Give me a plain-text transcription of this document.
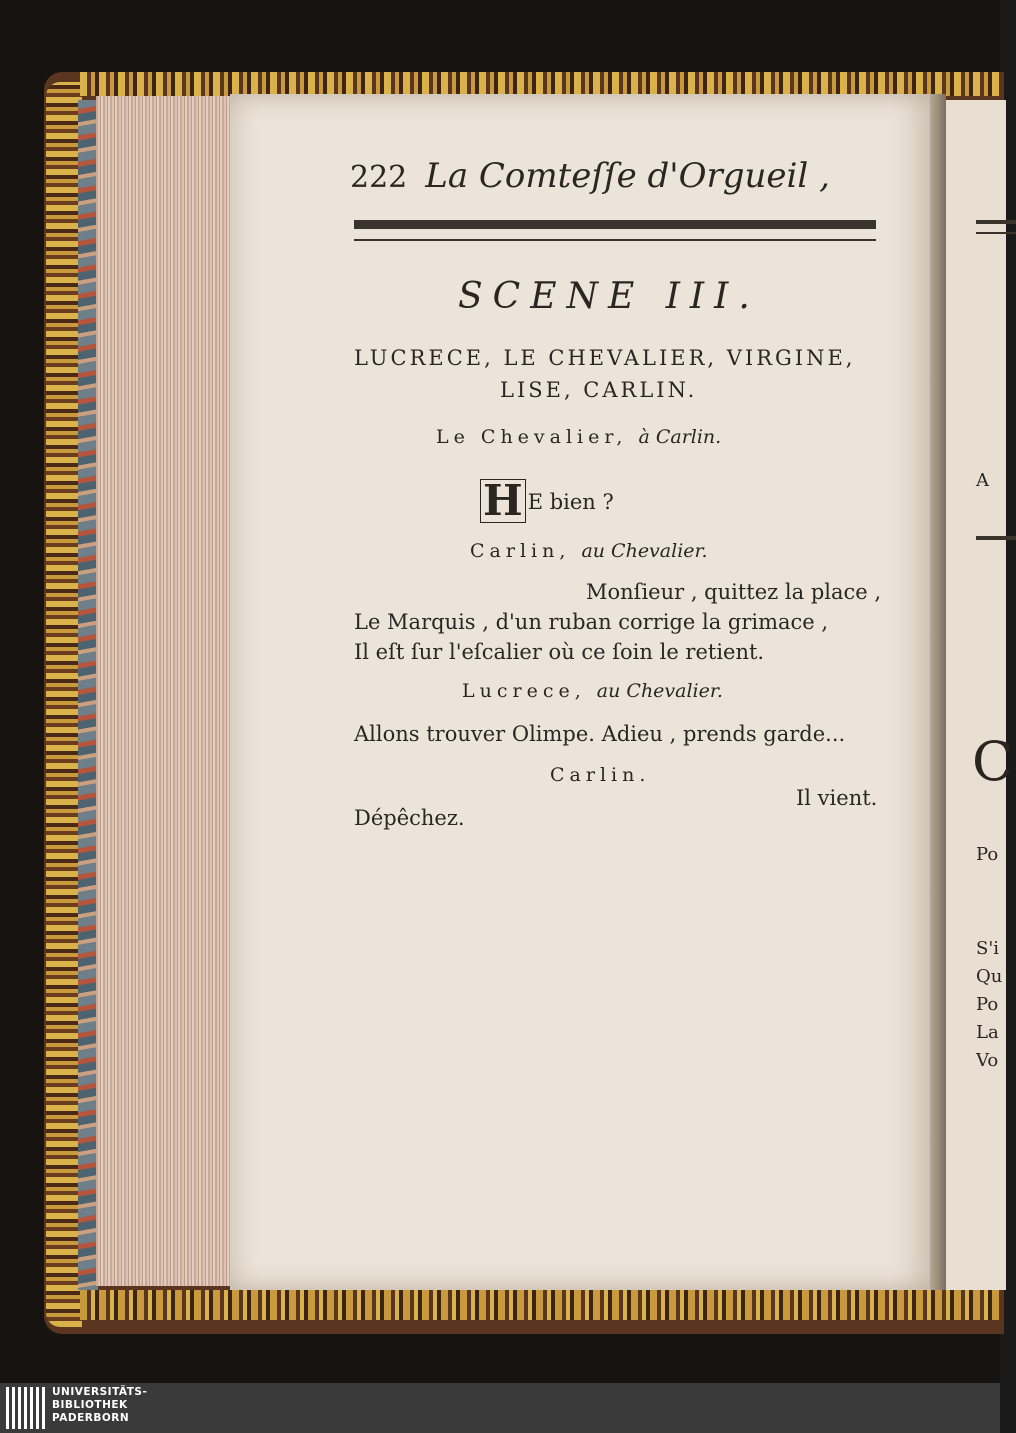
222 La Comteſſe d'Orgueil ,
SCENE III.
LUCRECE, LE CHEVALIER, VIRGINE,
LISE, CARLIN.
Le Chevalier, à Carlin.
H E bien ?
Carlin, au Chevalier.
Monſieur , quittez la place ,
Le Marquis , d'un ruban corrige la grimace ,
Il eſt ſur l'eſcalier où ce ſoin le retient.
Lucrece, au Chevalier.
Allons trouver Olimpe. Adieu , prends garde...
Carlin.
Il vient.
Dépêchez.
A
C
Po
S'i
Qu
Po
La
Vo
UNIVERSITÄTS-
BIBLIOTHEK
PADERBORN
